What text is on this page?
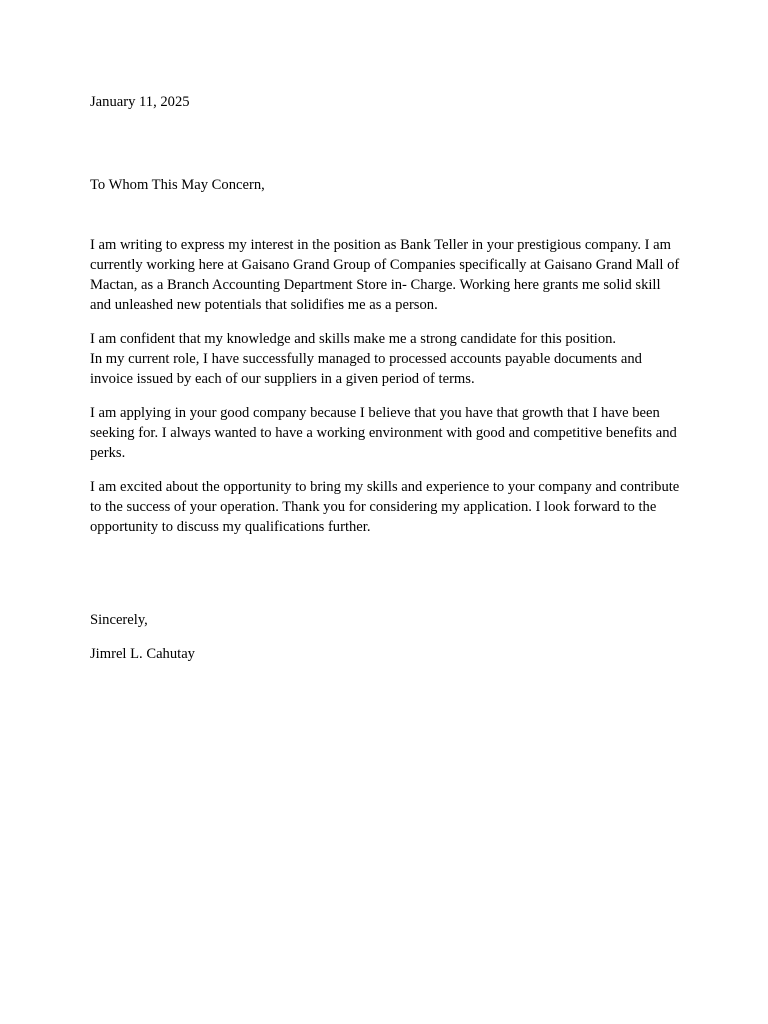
January 11, 2025

To Whom This May Concern,

I am writing to express my interest in the position as Bank Teller in your prestigious company. I am currently working here at Gaisano Grand Group of Companies specifically at Gaisano Grand Mall of Mactan, as a Branch Accounting Department Store in- Charge. Working here grants me solid skill and unleashed new potentials that solidifies me as a person.

I am confident that my knowledge and skills make me a strong candidate for this position.
In my current role, I have successfully managed to processed accounts payable documents and invoice issued by each of our suppliers in a given period of terms.

I am applying in your good company because I believe that you have that growth that I have been seeking for. I always wanted to have a working environment with good and competitive benefits and perks.

I am excited about the opportunity to bring my skills and experience to your company and contribute to the success of your operation. Thank you for considering my application. I look forward to the opportunity to discuss my qualifications further.

Sincerely,

Jimrel L. Cahutay
